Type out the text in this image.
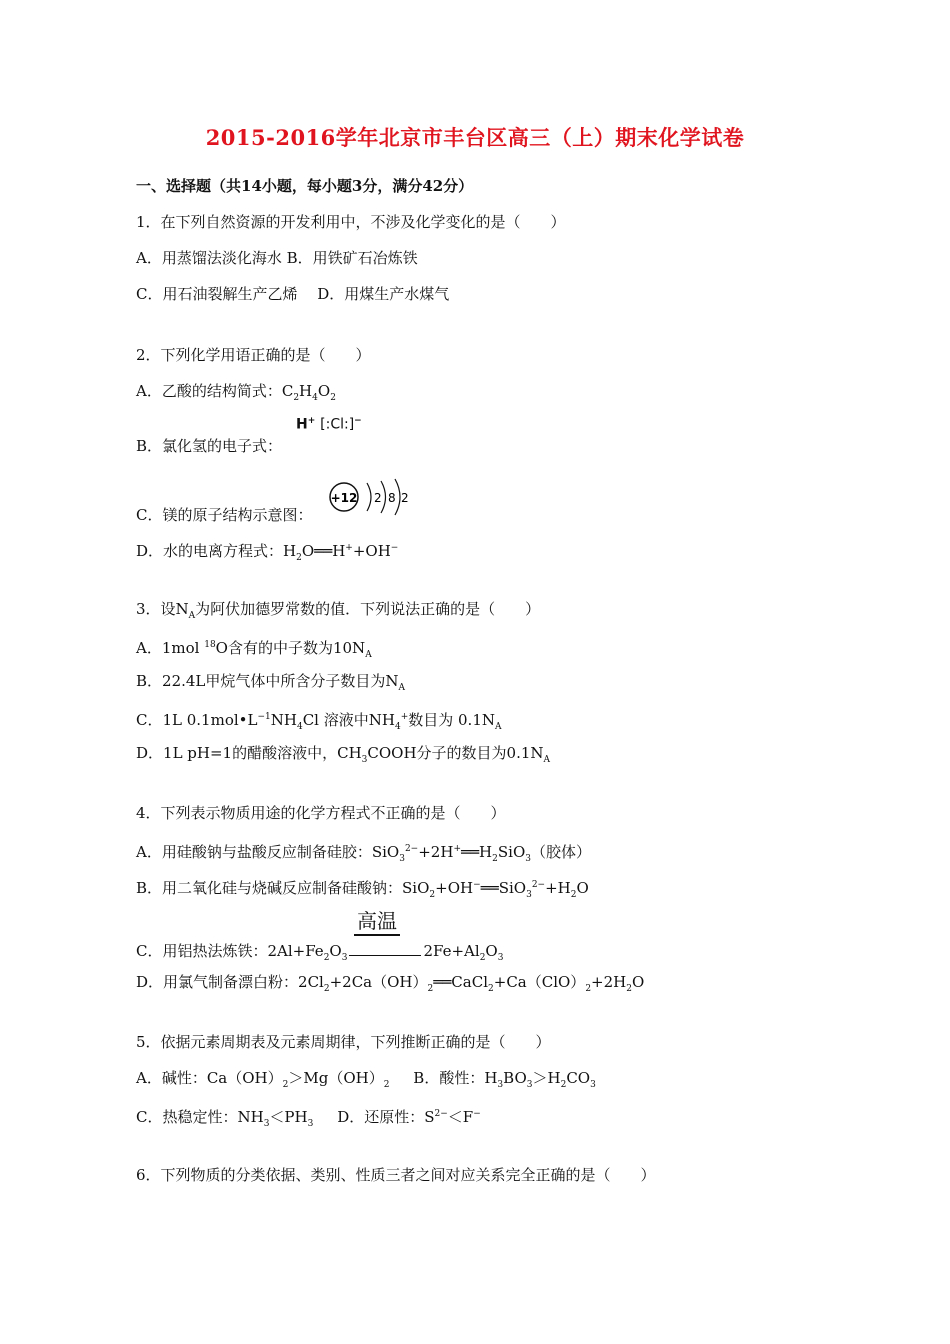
2015-2016学年北京市丰台区高三（上）期末化学试卷
一、选择题（共14小题，每小题3分，满分42分）
1．在下列自然资源的开发利用中，不涉及化学变化的是（　　）
A．用蒸馏法淡化海水 B．用铁矿石冶炼铁
C．用石油裂解生产乙烯　 D．用煤生产水煤气
2．下列化学用语正确的是（　　）
A．乙酸的结构简式：$C_2H_4O_2$
B．氯化氢的电子式：
H+ [:Cl:]−
C．镁的原子结构示意图：
+12 2 8 2
D．水的电离方程式：$H_2O══H^++OH^-$
3．设$N_A$为阿伏加德罗常数的值．下列说法正确的是（　　）
A．1mol $^{18}$O含有的中子数为$10N_A$
B．22.4L甲烷气体中所含分子数目为$N_A$
C．1L $0.1mol•L^{-1}NH_4Cl$ 溶液中$NH_4^+$数目为 $0.1N_A$
D．1L pH=1的醋酸溶液中，$CH_3COOH$分子的数目为$0.1N_A$
4．下列表示物质用途的化学方程式不正确的是（　　）
A．用硅酸钠与盐酸反应制备硅胶：$SiO_3^{2-}+2H^+══H_2SiO_3$（胶体）
B．用二氧化硅与烧碱反应制备硅酸钠：$SiO_2+OH^-══SiO_3^{2-}+H_2O$
高温
C．用铝热法炼铁：$2Al+Fe_2O_3$	$2Fe+Al_2O_3$
D．用氯气制备漂白粉：$2Cl_2+2Ca(OH)_2══CaCl_2+Ca(ClO)_2+2H_2O$
5．依据元素周期表及元素周期律，下列推断正确的是（　　）
A．碱性：$Ca(OH)_2>Mg(OH)_2$ B．酸性：$H_3BO_3>H_2CO_3$
C．热稳定性：$NH_3<PH_3$ D．还原性：$S^{2-}<F^-$
6．下列物质的分类依据、类别、性质三者之间对应关系完全正确的是（　　）
